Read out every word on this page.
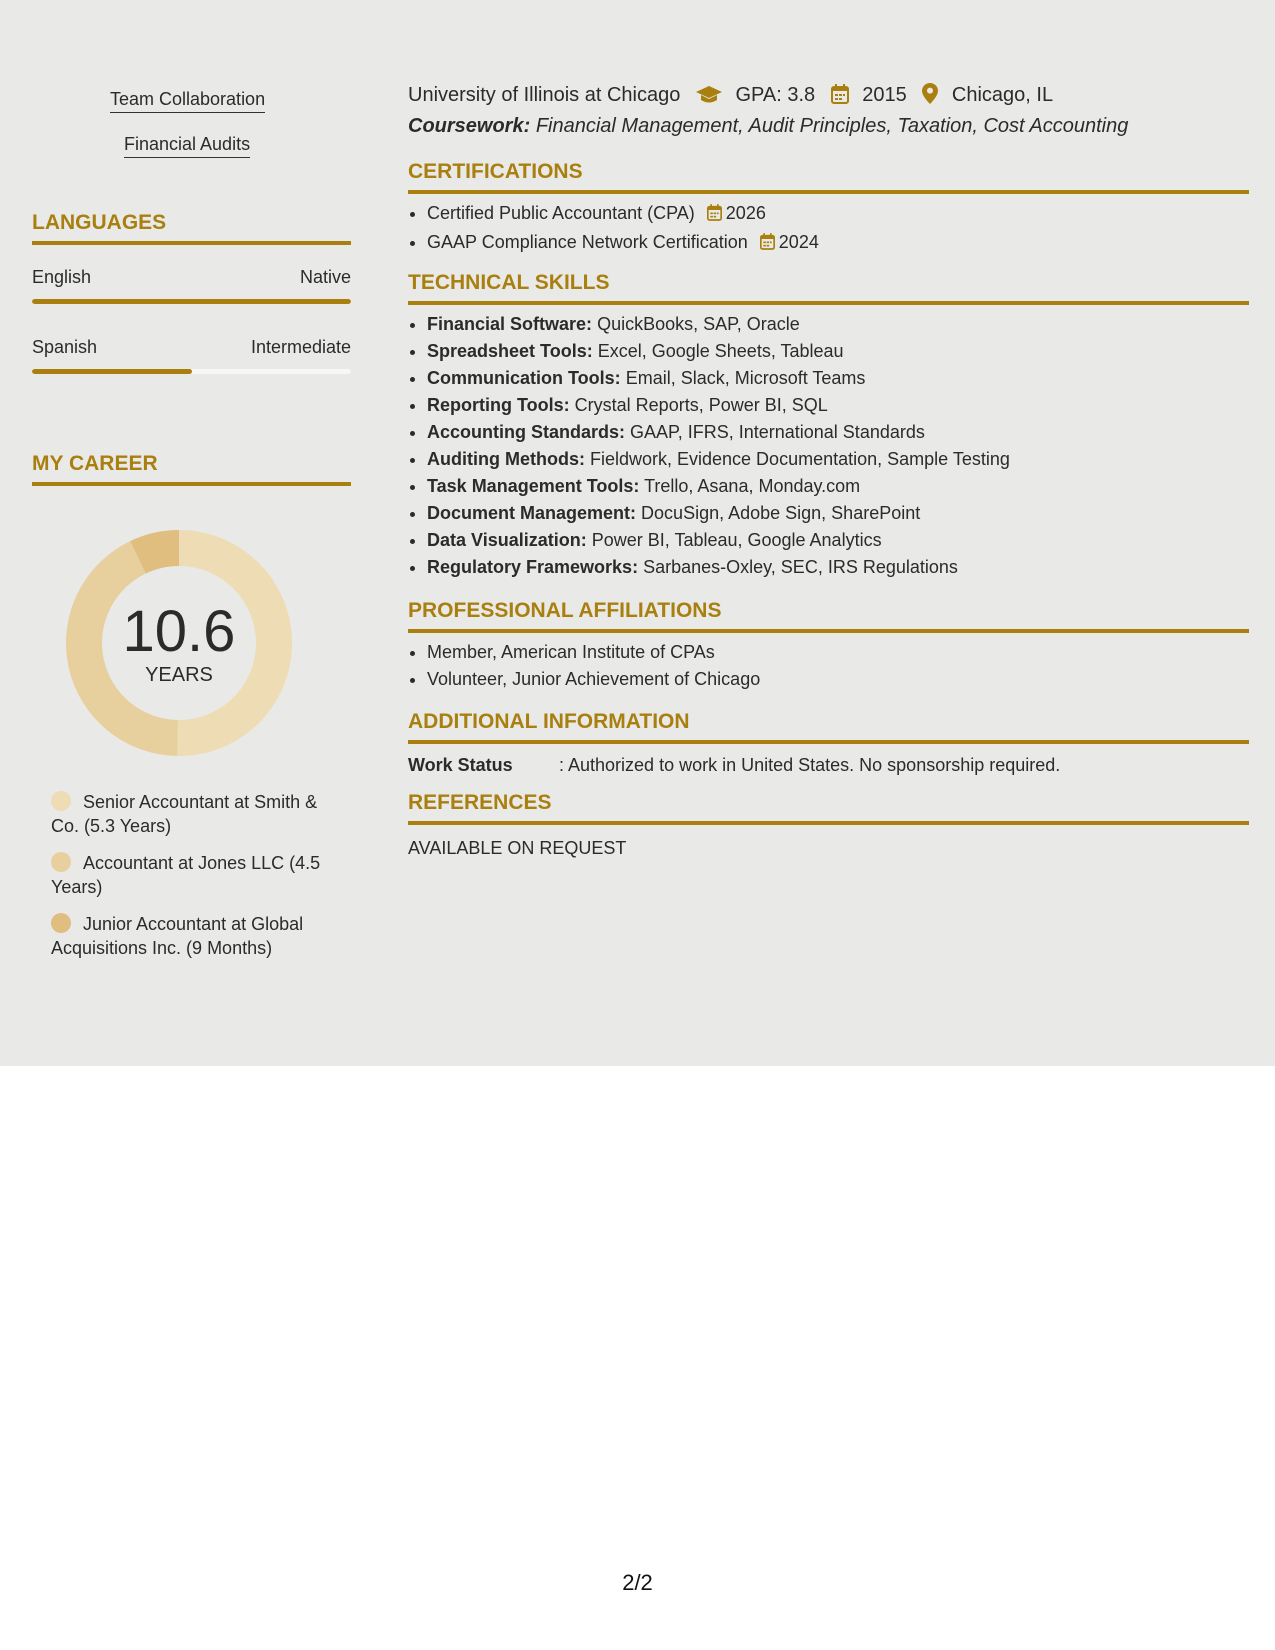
Team Collaboration
Financial Audits
LANGUAGES
English	Native
Spanish	Intermediate
MY CAREER
10.6
YEARS
Senior Accountant at Smith & Co. (5.3 Years)
Accountant at Jones LLC (4.5 Years)
Junior Accountant at Global Acquisitions Inc. (9 Months)
University of Illinois at Chicago	GPA: 3.8 2015 Chicago, IL
Coursework: Financial Management, Audit Principles, Taxation, Cost Accounting
CERTIFICATIONS
• Certified Public Accountant (CPA) 2026
• GAAP Compliance Network Certification 2024
TECHNICAL SKILLS
• Financial Software: QuickBooks, SAP, Oracle
• Spreadsheet Tools: Excel, Google Sheets, Tableau
• Communication Tools: Email, Slack, Microsoft Teams
• Reporting Tools: Crystal Reports, Power BI, SQL
• Accounting Standards: GAAP, IFRS, International Standards
• Auditing Methods: Fieldwork, Evidence Documentation, Sample Testing
• Task Management Tools: Trello, Asana, Monday.com
• Document Management: DocuSign, Adobe Sign, SharePoint
• Data Visualization: Power BI, Tableau, Google Analytics
• Regulatory Frameworks: Sarbanes-Oxley, SEC, IRS Regulations
PROFESSIONAL AFFILIATIONS
• Member, American Institute of CPAs
• Volunteer, Junior Achievement of Chicago
ADDITIONAL INFORMATION
Work Status	: Authorized to work in United States. No sponsorship required.
REFERENCES
AVAILABLE ON REQUEST
2/2
